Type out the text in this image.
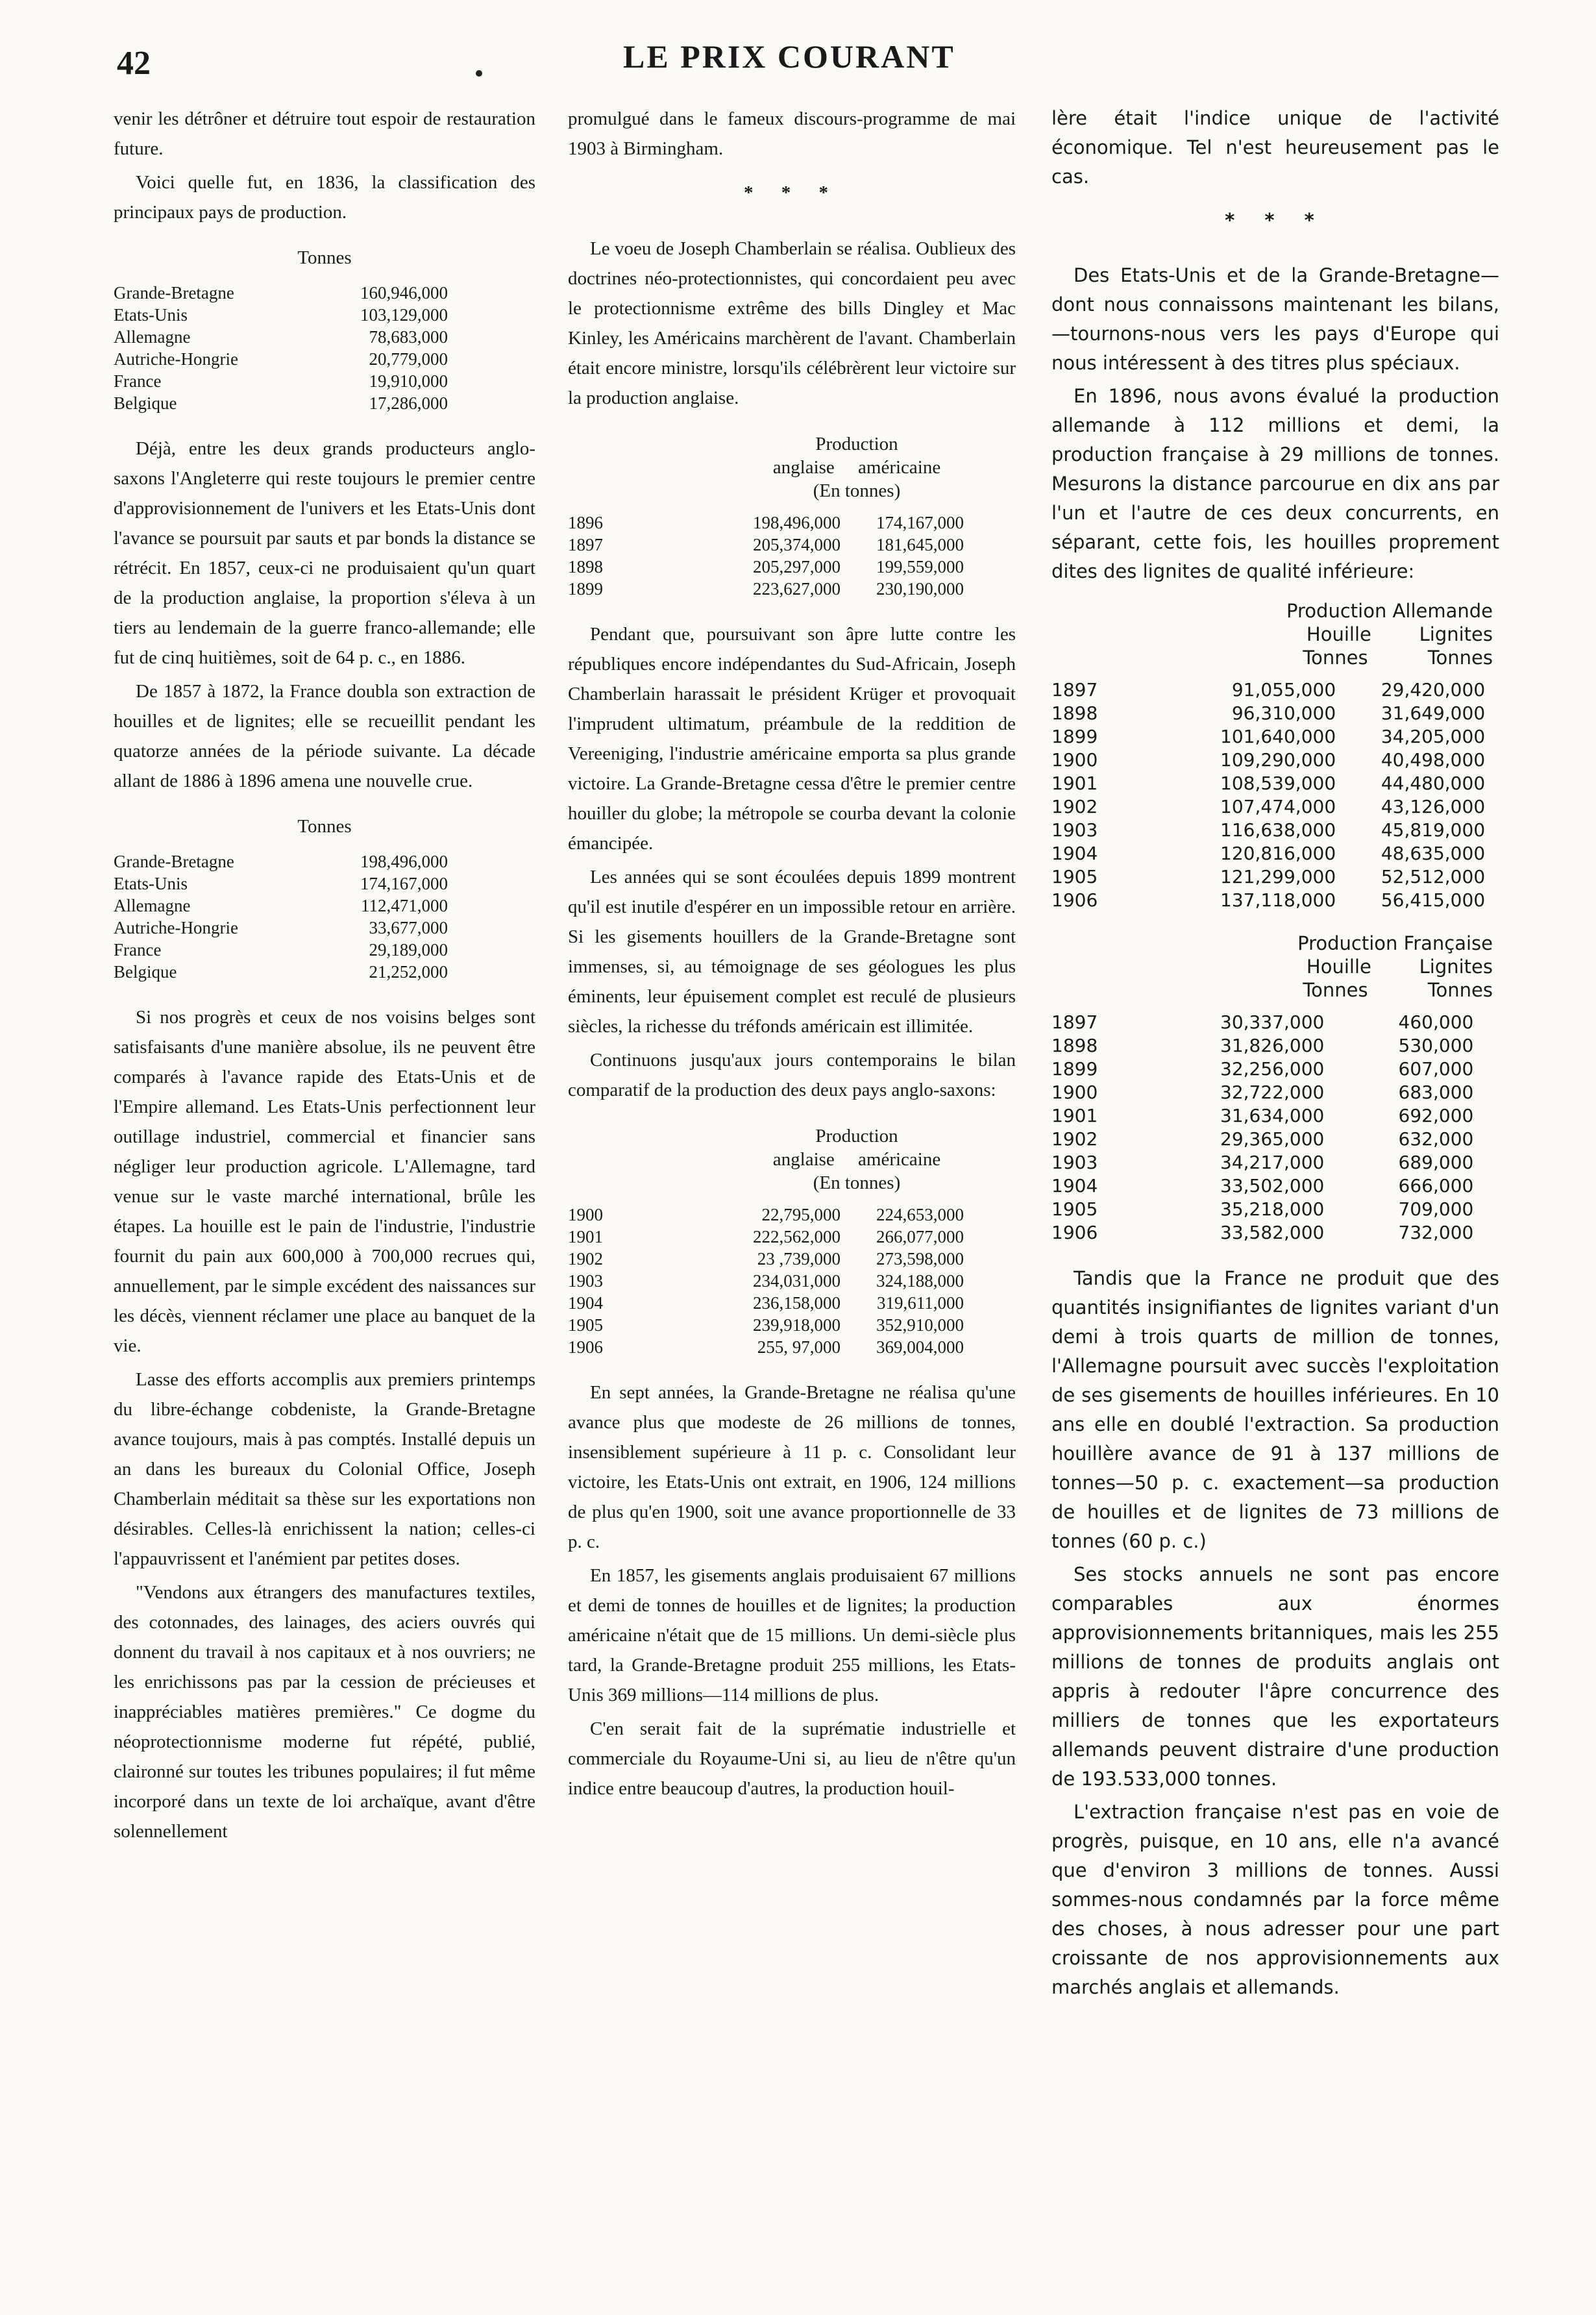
42	LE PRIX COURANT

venir les détrôner et détruire tout espoir de restauration future.

Voici quelle fut, en 1836, la classification des principaux pays de production.

Tonnes
Grande-Bretagne	160,946,000
Etats-Unis	103,129,000
Allemagne	78,683,000
Autriche-Hongrie	20,779,000
France	19,910,000
Belgique	17,286,000

Déjà, entre les deux grands producteurs anglo-saxons l'Angleterre qui reste toujours le premier centre d'approvisionnement de l'univers et les Etats-Unis dont l'avance se poursuit par sauts et par bonds la distance se rétrécit. En 1857, ceux-ci ne produisaient qu'un quart de la production anglaise, la proportion s'éleva à un tiers au lendemain de la guerre franco-allemande; elle fut de cinq huitièmes, soit de 64 p. c., en 1886.

De 1857 à 1872, la France doubla son extraction de houilles et de lignites; elle se recueillit pendant les quatorze années de la période suivante. La décade allant de 1886 à 1896 amena une nouvelle crue.

Tonnes
Grande-Bretagne	198,496,000
Etats-Unis	174,167,000
Allemagne	112,471,000
Autriche-Hongrie	33,677,000
France	29,189,000
Belgique	21,252,000

Si nos progrès et ceux de nos voisins belges sont satisfaisants d'une manière absolue, ils ne peuvent être comparés à l'avance rapide des Etats-Unis et de l'Empire allemand. Les Etats-Unis perfectionnent leur outillage industriel, commercial et financier sans négliger leur production agricole. L'Allemagne, tard venue sur le vaste marché international, brûle les étapes. La houille est le pain de l'industrie, l'industrie fournit du pain aux 600,000 à 700,000 recrues qui, annuellement, par le simple excédent des naissances sur les décès, viennent réclamer une place au banquet de la vie.

Lasse des efforts accomplis aux premiers printemps du libre-échange cobdeniste, la Grande-Bretagne avance toujours, mais à pas comptés. Installé depuis un an dans les bureaux du Colonial Office, Joseph Chamberlain méditait sa thèse sur les exportations non désirables. Celles-là enrichissent la nation; celles-ci l'appauvrissent et l'anémient par petites doses.

"Vendons aux étrangers des manufactures textiles, des cotonnades, des lainages, des aciers ouvrés qui donnent du travail à nos capitaux et à nos ouvriers; ne les enrichissons pas par la cession de précieuses et inappréciables matières premières." Ce dogme du néoprotectionnisme moderne fut répété, publié, claironné sur toutes les tribunes populaires; il fut même incorporé dans un texte de loi archaïque, avant d'être solennellement

promulgué dans le fameux discours-programme de mai 1903 à Birmingham.

* * *

Le voeu de Joseph Chamberlain se réalisa. Oublieux des doctrines néo-protectionnistes, qui concordaient peu avec le protectionnisme extrême des bills Dingley et Mac Kinley, les Américains marchèrent de l'avant. Chamberlain était encore ministre, lorsqu'ils célébrèrent leur victoire sur la production anglaise.

Production
anglaise américaine
(En tonnes)
1896	198,496,000	174,167,000
1897	205,374,000	181,645,000
1898	205,297,000	199,559,000
1899	223,627,000	230,190,000

Pendant que, poursuivant son âpre lutte contre les républiques encore indépendantes du Sud-Africain, Joseph Chamberlain harassait le président Krüger et provoquait l'imprudent ultimatum, préambule de la reddition de Vereeniging, l'industrie américaine emporta sa plus grande victoire. La Grande-Bretagne cessa d'être le premier centre houiller du globe; la métropole se courba devant la colonie émancipée.

Les années qui se sont écoulées depuis 1899 montrent qu'il est inutile d'espérer en un impossible retour en arrière. Si les gisements houillers de la Grande-Bretagne sont immenses, si, au témoignage de ses géologues les plus éminents, leur épuisement complet est reculé de plusieurs siècles, la richesse du tréfonds américain est illimitée.

Continuons jusqu'aux jours contemporains le bilan comparatif de la production des deux pays anglo-saxons:

Production
anglaise américaine
(En tonnes)
1900	22,795,000	224,653,000
1901	222,562,000	266,077,000
1902	23 ,739,000	273,598,000
1903	234,031,000	324,188,000
1904	236,158,000	319,611,000
1905	239,918,000	352,910,000
1906	255, 97,000	369,004,000

En sept années, la Grande-Bretagne ne réalisa qu'une avance plus que modeste de 26 millions de tonnes, insensiblement supérieure à 11 p. c. Consolidant leur victoire, les Etats-Unis ont extrait, en 1906, 124 millions de plus qu'en 1900, soit une avance proportionnelle de 33 p. c.

En 1857, les gisements anglais produisaient 67 millions et demi de tonnes de houilles et de lignites; la production américaine n'était que de 15 millions. Un demi-siècle plus tard, la Grande-Bretagne produit 255 millions, les Etats-Unis 369 millions—114 millions de plus.

C'en serait fait de la suprématie industrielle et commerciale du Royaume-Uni si, au lieu de n'être qu'un indice entre beaucoup d'autres, la production houil-

lère était l'indice unique de l'activité économique. Tel n'est heureusement pas le cas.

* * *

Des Etats-Unis et de la Grande-Bretagne—dont nous connaissons maintenant les bilans,—tournons-nous vers les pays d'Europe qui nous intéressent à des titres plus spéciaux.

En 1896, nous avons évalué la production allemande à 112 millions et demi, la production française à 29 millions de tonnes. Mesurons la distance parcourue en dix ans par l'un et l'autre de ces deux concurrents, en séparant, cette fois, les houilles proprement dites des lignites de qualité inférieure:

Production Allemande
Houille	Lignites
Tonnes	Tonnes
1897	91,055,000	29,420,000
1898	96,310,000	31,649,000
1899	101,640,000	34,205,000
1900	109,290,000	40,498,000
1901	108,539,000	44,480,000
1902	107,474,000	43,126,000
1903	116,638,000	45,819,000
1904	120,816,000	48,635,000
1905	121,299,000	52,512,000
1906	137,118,000	56,415,000
Production Française
Houille	Lignites
Tonnes	Tonnes
1897	30,337,000	460,000
1898	31,826,000	530,000
1899	32,256,000	607,000
1900	32,722,000	683,000
1901	31,634,000	692,000
1902	29,365,000	632,000
1903	34,217,000	689,000
1904	33,502,000	666,000
1905	35,218,000	709,000
1906	33,582,000	732,000

Tandis que la France ne produit que des quantités insignifiantes de lignites variant d'un demi à trois quarts de million de tonnes, l'Allemagne poursuit avec succès l'exploitation de ses gisements de houilles inférieures. En 10 ans elle en doublé l'extraction. Sa production houillère avance de 91 à 137 millions de tonnes—50 p. c. exactement—sa production de houilles et de lignites de 73 millions de tonnes (60 p. c.)

Ses stocks annuels ne sont pas encore comparables aux énormes approvisionnements britanniques, mais les 255 millions de tonnes de produits anglais ont appris à redouter l'âpre concurrence des milliers de tonnes que les exportateurs allemands peuvent distraire d'une production de 193.533,000 tonnes.

L'extraction française n'est pas en voie de progrès, puisque, en 10 ans, elle n'a avancé que d'environ 3 millions de tonnes. Aussi sommes-nous condamnés par la force même des choses, à nous adresser pour une part croissante de nos approvisionnements aux marchés anglais et allemands.
